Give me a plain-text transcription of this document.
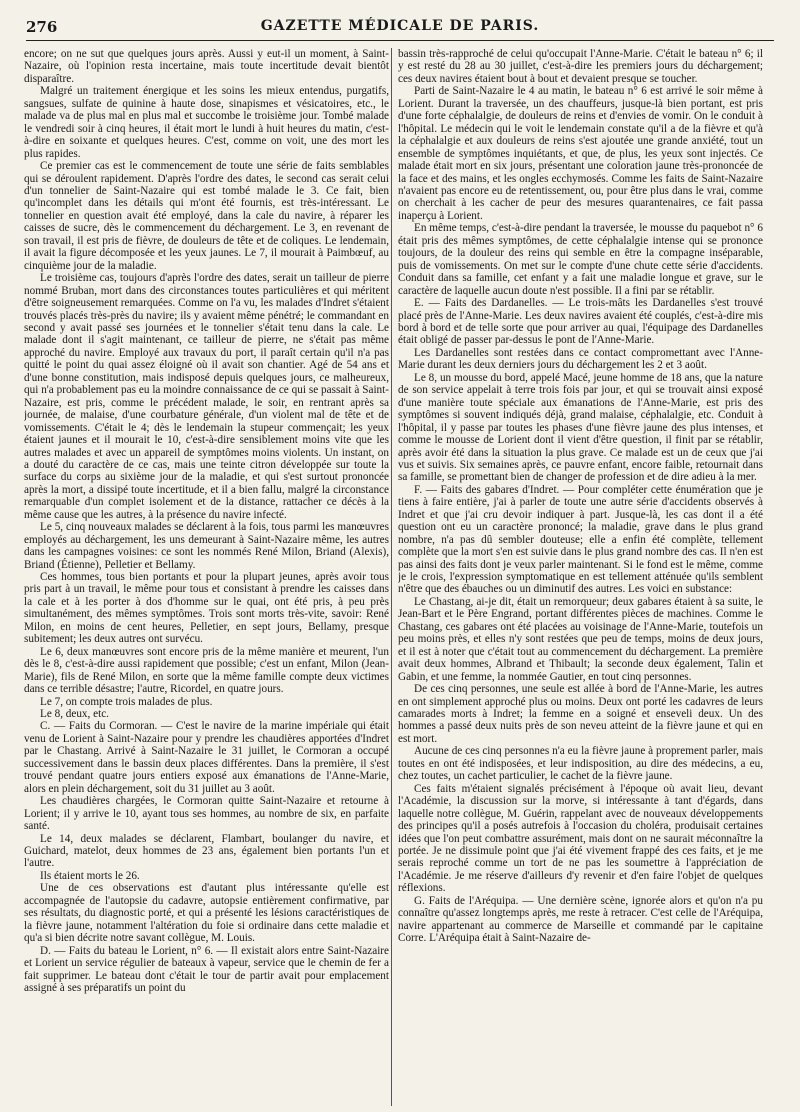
276	GAZETTE MÉDICALE DE PARIS.

encore; on ne sut que quelques jours après. Aussi y eut-il un moment, à Saint-Nazaire, où l'opinion resta incertaine, mais toute incertitude devait bientôt disparaître.

Malgré un traitement énergique et les soins les mieux entendus, purgatifs, sangsues, sulfate de quinine à haute dose, sinapismes et vésicatoires, etc., le malade va de plus mal en plus mal et succombe le troisième jour. Tombé malade le vendredi soir à cinq heures, il était mort le lundi à huit heures du matin, c'est-à-dire en soixante et quelques heures. C'est, comme on voit, une des mort les plus rapides.

Ce premier cas est le commencement de toute une série de faits semblables qui se déroulent rapidement. D'après l'ordre des dates, le second cas serait celui d'un tonnelier de Saint-Nazaire qui est tombé malade le 3. Ce fait, bien qu'incomplet dans les détails qui m'ont été fournis, est très-intéressant. Le tonnelier en question avait été employé, dans la cale du navire, à réparer les caisses de sucre, dès le commencement du déchargement. Le 3, en revenant de son travail, il est pris de fièvre, de douleurs de tête et de coliques. Le lendemain, il avait la figure décomposée et les yeux jaunes. Le 7, il mourait à Paimbœuf, au cinquième jour de la maladie.

Le troisième cas, toujours d'après l'ordre des dates, serait un tailleur de pierre nommé Bruban, mort dans des circonstances toutes particulières et qui méritent d'être soigneusement remarquées. Comme on l'a vu, les malades d'Indret s'étaient trouvés placés très-près du navire; ils y avaient même pénétré; le commandant en second y avait passé ses journées et le tonnelier s'était tenu dans la cale. Le malade dont il s'agit maintenant, ce tailleur de pierre, ne s'était pas même approché du navire. Employé aux travaux du port, il paraît certain qu'il n'a pas quitté le point du quai assez éloigné où il avait son chantier. Agé de 54 ans et d'une bonne constitution, mais indisposé depuis quelques jours, ce malheureux, qui n'a probablement pas eu la moindre connaissance de ce qui se passait à Saint-Nazaire, est pris, comme le précédent malade, le soir, en rentrant après sa journée, de malaise, d'une courbature générale, d'un violent mal de tête et de vomissements. C'était le 4; dès le lendemain la stupeur commençait; les yeux étaient jaunes et il mourait le 10, c'est-à-dire sensiblement moins vite que les autres malades et avec un appareil de symptômes moins violents. Un instant, on a douté du caractère de ce cas, mais une teinte citron développée sur toute la surface du corps au sixième jour de la maladie, et qui s'est surtout prononcée après la mort, a dissipé toute incertitude, et il a bien fallu, malgré la circonstance remarquable d'un complet isolement et de la distance, rattacher ce décès à la même cause que les autres, à la présence du navire infecté.

Le 5, cinq nouveaux malades se déclarent à la fois, tous parmi les manœuvres employés au déchargement, les uns demeurant à Saint-Nazaire même, les autres dans les campagnes voisines: ce sont les nommés René Milon, Briand (Alexis), Briand (Étienne), Pelletier et Bellamy.

Ces hommes, tous bien portants et pour la plupart jeunes, après avoir tous pris part à un travail, le même pour tous et consistant à prendre les caisses dans la cale et à les porter à dos d'homme sur le quai, ont été pris, à peu près simultanément, des mêmes symptômes. Trois sont morts très-vite, savoir: René Milon, en moins de cent heures, Pelletier, en sept jours, Bellamy, presque subitement; les deux autres ont survécu.

Le 6, deux manœuvres sont encore pris de la même manière et meurent, l'un dès le 8, c'est-à-dire aussi rapidement que possible; c'est un enfant, Milon (Jean-Marie), fils de René Milon, en sorte que la même famille compte deux victimes dans ce terrible désastre; l'autre, Ricordel, en quatre jours.

Le 7, on compte trois malades de plus.

Le 8, deux, etc.

C. — Faits du Cormoran. — C'est le navire de la marine impériale qui était venu de Lorient à Saint-Nazaire pour y prendre les chaudières apportées d'Indret par le Chastang. Arrivé à Saint-Nazaire le 31 juillet, le Cormoran a occupé successivement dans le bassin deux places différentes. Dans la première, il s'est trouvé pendant quatre jours entiers exposé aux émanations de l'Anne-Marie, alors en plein déchargement, soit du 31 juillet au 3 août.

Les chaudières chargées, le Cormoran quitte Saint-Nazaire et retourne à Lorient; il y arrive le 10, ayant tous ses hommes, au nombre de six, en parfaite santé.

Le 14, deux malades se déclarent, Flambart, boulanger du navire, et Guichard, matelot, deux hommes de 23 ans, également bien portants l'un et l'autre.

Ils étaient morts le 26.

Une de ces observations est d'autant plus intéressante qu'elle est accompagnée de l'autopsie du cadavre, autopsie entièrement confirmative, par ses résultats, du diagnostic porté, et qui a présenté les lésions caractéristiques de la fièvre jaune, notamment l'altération du foie si ordinaire dans cette maladie et qu'a si bien décrite notre savant collègue, M. Louis.

D. — Faits du bateau le Lorient, n° 6. — Il existait alors entre Saint-Nazaire et Lorient un service régulier de bateaux à vapeur, service que le chemin de fer a fait supprimer. Le bateau dont c'était le tour de partir avait pour emplacement assigné à ses préparatifs un point du

bassin très-rapproché de celui qu'occupait l'Anne-Marie. C'était le bateau n° 6; il y est resté du 28 au 30 juillet, c'est-à-dire les premiers jours du déchargement; ces deux navires étaient bout à bout et devaient presque se toucher.

Parti de Saint-Nazaire le 4 au matin, le bateau n° 6 est arrivé le soir même à Lorient. Durant la traversée, un des chauffeurs, jusque-là bien portant, est pris d'une forte céphalalgie, de douleurs de reins et d'envies de vomir. On le conduit à l'hôpital. Le médecin qui le voit le lendemain constate qu'il a de la fièvre et qu'à la céphalalgie et aux douleurs de reins s'est ajoutée une grande anxiété, tout un ensemble de symptômes inquiétants, et que, de plus, les yeux sont injectés. Ce malade était mort en six jours, présentant une coloration jaune très-prononcée de la face et des mains, et les ongles ecchymosés. Comme les faits de Saint-Nazaire n'avaient pas encore eu de retentissement, ou, pour être plus dans le vrai, comme on cherchait à les cacher de peur des mesures quarantenaires, ce fait passa inaperçu à Lorient.

En même temps, c'est-à-dire pendant la traversée, le mousse du paquebot n° 6 était pris des mêmes symptômes, de cette céphalalgie intense qui se prononce toujours, de la douleur des reins qui semble en être la compagne inséparable, puis de vomissements. On met sur le compte d'une chute cette série d'accidents. Conduit dans sa famille, cet enfant y a fait une maladie longue et grave, sur le caractère de laquelle aucun doute n'est possible. Il a fini par se rétablir.

E. — Faits des Dardanelles. — Le trois-mâts les Dardanelles s'est trouvé placé près de l'Anne-Marie. Les deux navires avaient été couplés, c'est-à-dire mis bord à bord et de telle sorte que pour arriver au quai, l'équipage des Dardanelles était obligé de passer par-dessus le pont de l'Anne-Marie.

Les Dardanelles sont restées dans ce contact compromettant avec l'Anne-Marie durant les deux derniers jours du déchargement les 2 et 3 août.

Le 8, un mousse du bord, appelé Macé, jeune homme de 18 ans, que la nature de son service appelait à terre trois fois par jour, et qui se trouvait ainsi exposé d'une manière toute spéciale aux émanations de l'Anne-Marie, est pris des symptômes si souvent indiqués déjà, grand malaise, céphalalgie, etc. Conduit à l'hôpital, il y passe par toutes les phases d'une fièvre jaune des plus intenses, et comme le mousse de Lorient dont il vient d'être question, il finit par se rétablir, après avoir été dans la situation la plus grave. Ce malade est un de ceux que j'ai vus et suivis. Six semaines après, ce pauvre enfant, encore faible, retournait dans sa famille, se promettant bien de changer de profession et de dire adieu à la mer.

F. — Faits des gabares d'Indret. — Pour compléter cette énumération que je tiens à faire entière, j'ai à parler de toute une autre série d'accidents observés à Indret et que j'ai cru devoir indiquer à part. Jusque-là, les cas dont il a été question ont eu un caractère prononcé; la maladie, grave dans le plus grand nombre, n'a pas dû sembler douteuse; elle a enfin été complète, tellement complète que la mort s'en est suivie dans le plus grand nombre des cas. Il n'en est pas ainsi des faits dont je veux parler maintenant. Si le fond est le même, comme je le crois, l'expression symptomatique en est tellement atténuée qu'ils semblent n'être que des ébauches ou un diminutif des autres. Les voici en substance:

Le Chastang, ai-je dit, était un remorqueur; deux gabares étaient à sa suite, le Jean-Bart et le Père Engrand, portant différentes pièces de machines. Comme le Chastang, ces gabares ont été placées au voisinage de l'Anne-Marie, toutefois un peu moins près, et elles n'y sont restées que peu de temps, moins de deux jours, et il est à noter que c'était tout au commencement du déchargement. La première avait deux hommes, Albrand et Thibault; la seconde deux également, Talin et Gabin, et une femme, la nommée Gautier, en tout cinq personnes.

De ces cinq personnes, une seule est allée à bord de l'Anne-Marie, les autres en ont simplement approché plus ou moins. Deux ont porté les cadavres de leurs camarades morts à Indret; la femme en a soigné et enseveli deux. Un des hommes a passé deux nuits près de son neveu atteint de la fièvre jaune et qui en est mort.

Aucune de ces cinq personnes n'a eu la fièvre jaune à proprement parler, mais toutes en ont été indisposées, et leur indisposition, au dire des médecins, a eu, chez toutes, un cachet particulier, le cachet de la fièvre jaune.

Ces faits m'étaient signalés précisément à l'époque où avait lieu, devant l'Académie, la discussion sur la morve, si intéressante à tant d'égards, dans laquelle notre collègue, M. Guérin, rappelant avec de nouveaux développements des principes qu'il a posés autrefois à l'occasion du choléra, produisait certaines idées que l'on peut combattre assurément, mais dont on ne saurait méconnaître la portée. Je ne dissimule point que j'ai été vivement frappé des ces faits, et je me serais reproché comme un tort de ne pas les soumettre à l'appréciation de l'Académie. Je me réserve d'ailleurs d'y revenir et d'en faire l'objet de quelques réflexions.

G. Faits de l'Aréquipa. — Une dernière scène, ignorée alors et qu'on n'a pu connaître qu'assez longtemps après, me reste à retracer. C'est celle de l'Aréquipa, navire appartenant au commerce de Marseille et commandé par le capitaine Corre. L'Aréquipa était à Saint-Nazaire de-
